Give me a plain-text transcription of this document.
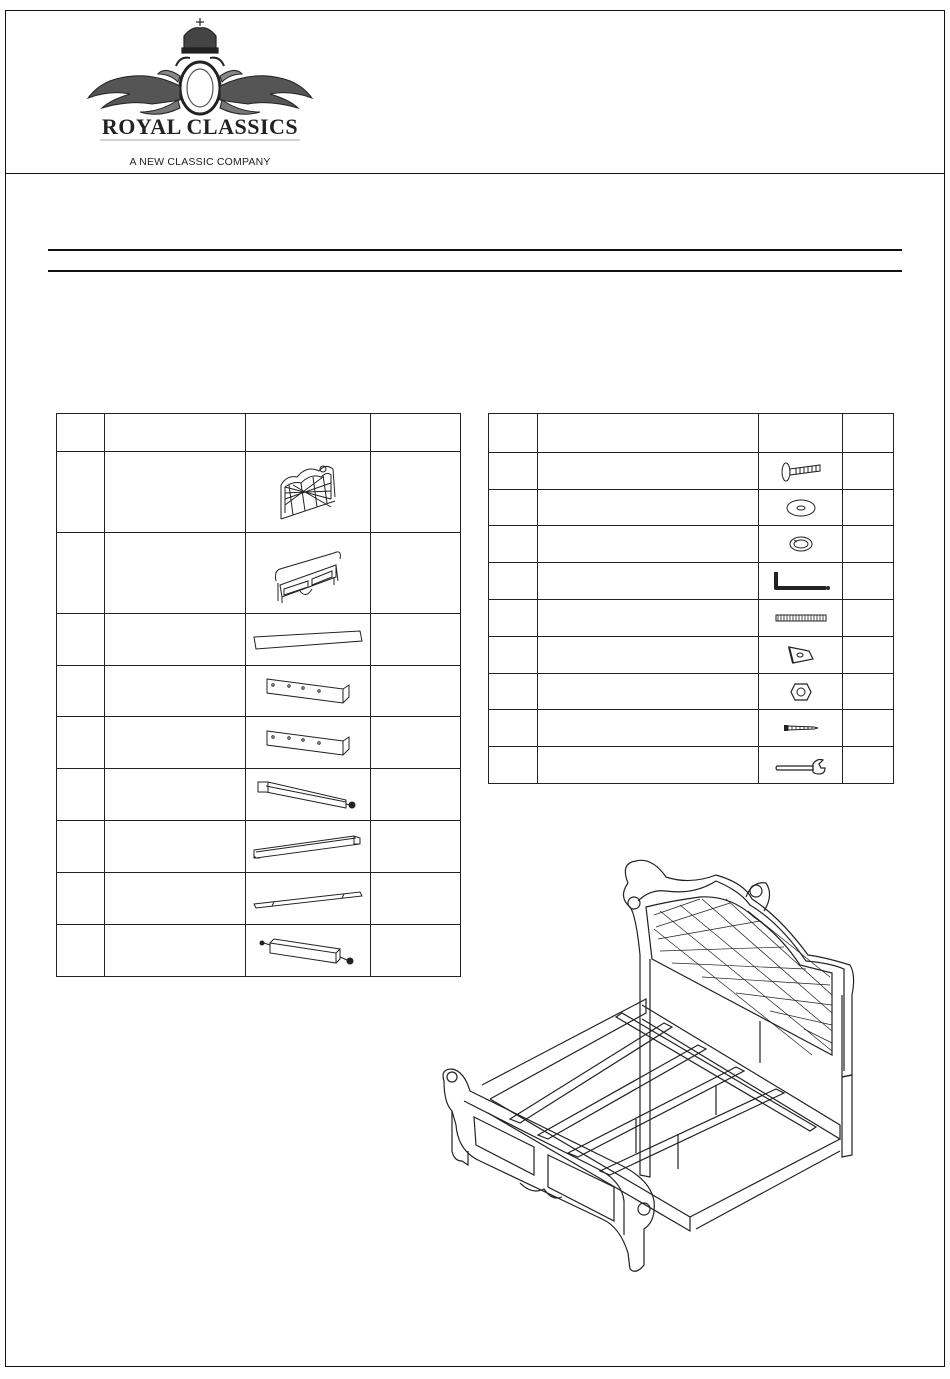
ROYAL CLASSICS
A NEW CLASSIC COMPANY
